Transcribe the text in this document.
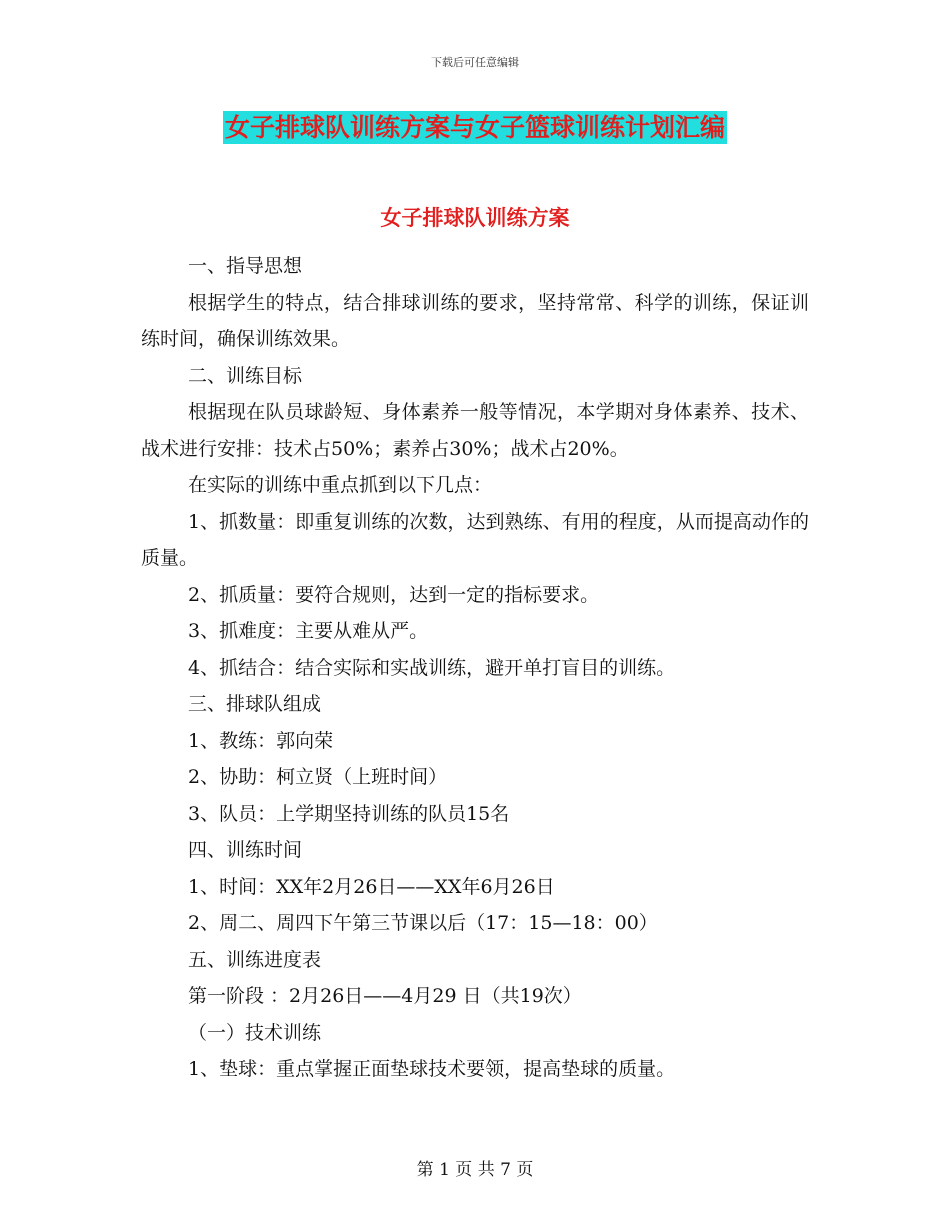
下载后可任意编辑
女子排球队训练方案与女子篮球训练计划汇编
女子排球队训练方案

一、指导思想

根据学生的特点，结合排球训练的要求，坚持常常、科学的训练，保证训练时间，确保训练效果。

二、训练目标

根据现在队员球龄短、身体素养一般等情况，本学期对身体素养、技术、战术进行安排：技术占50%；素养占30%；战术占20%。

在实际的训练中重点抓到以下几点：

1、抓数量：即重复训练的次数，达到熟练、有用的程度，从而提高动作的质量。

2、抓质量：要符合规则，达到一定的指标要求。

3、抓难度：主要从难从严。

4、抓结合：结合实际和实战训练，避开单打盲目的训练。

三、排球队组成

1、教练：郭向荣

2、协助：柯立贤（上班时间）

3、队员：上学期坚持训练的队员15名

四、训练时间

1、时间：XX年2月26日——XX年6月26日

2、周二、周四下午第三节课以后（17：15—18：00）

五、训练进度表

第一阶段 ：2月26日——4月29 日（共19次）

（一）技术训练

1、垫球：重点掌握正面垫球技术要领，提高垫球的质量。

第 1 页 共 7 页
